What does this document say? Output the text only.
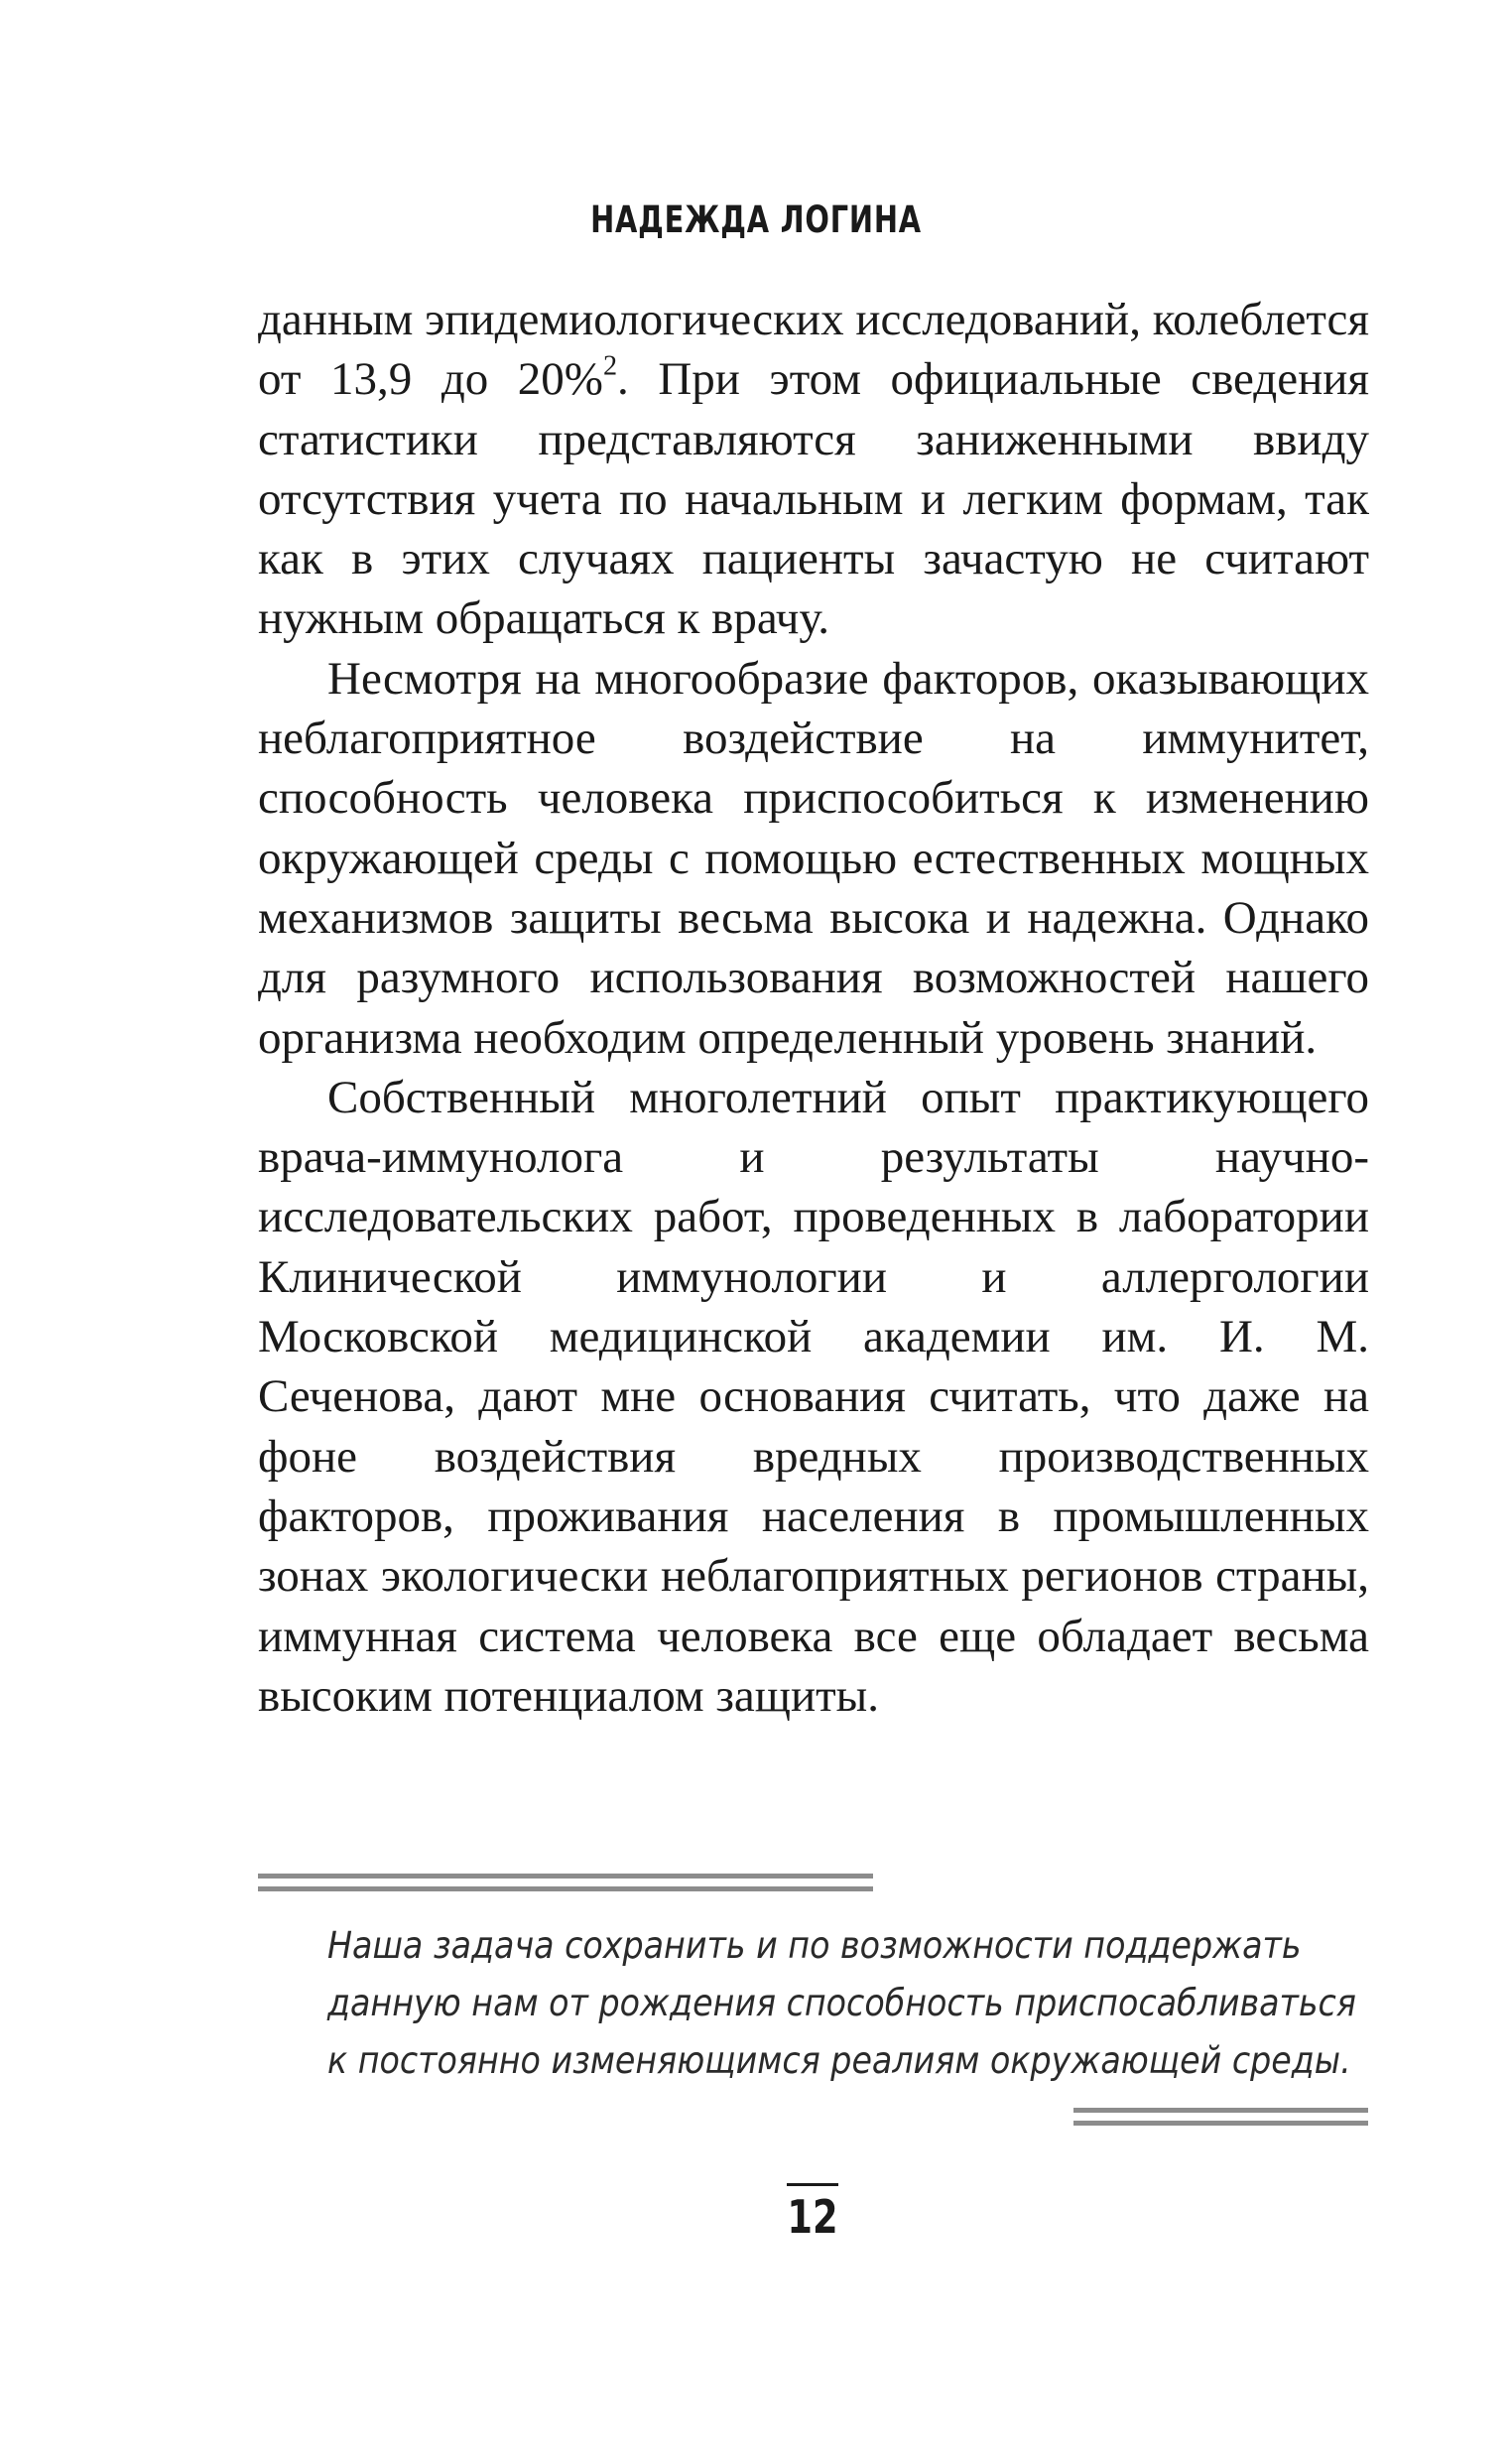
НАДЕЖДА ЛОГИНА

данным эпидемиологических исследований, колеблется от 13,9 до 20%$^2$. При этом официальные сведения статистики представляются заниженными ввиду отсутствия учета по начальным и легким формам, так как в этих случаях пациенты зачастую не считают нужным обращаться к врачу.

Несмотря на многообразие факторов, оказывающих неблагоприятное воздействие на иммунитет, способность человека приспособиться к изменению окружающей среды с помощью естественных мощных механизмов защиты весьма высока и надежна. Однако для разумного использования возможностей нашего организма необходим определенный уровень знаний.

Собственный многолетний опыт практикующего врача-иммунолога и результаты научно-исследовательских работ, проведенных в лаборатории Клинической иммунологии и аллергологии Московской медицинской академии им. И. М. Сеченова, дают мне основания считать, что даже на фоне воздействия вредных производственных факторов, проживания населения в промышленных зонах экологически неблагоприятных регионов страны, иммунная система человека все еще обладает весьма высоким потенциалом защиты.

Наша задача сохранить и по возможности поддержать
данную нам от рождения способность приспосабливаться
к постоянно изменяющимся реалиям окружающей среды.
12
